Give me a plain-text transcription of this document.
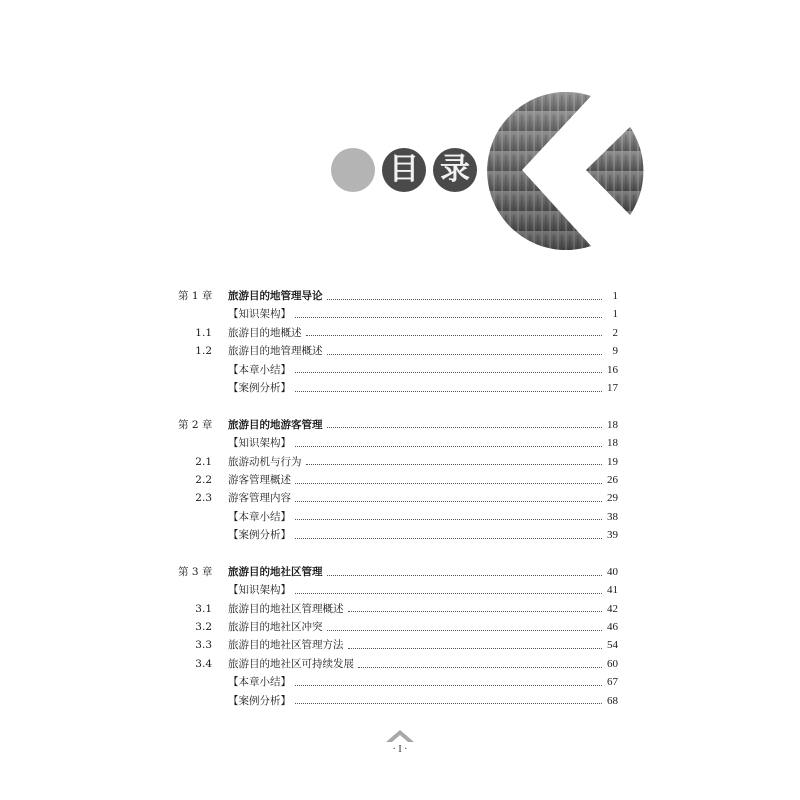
目 录
第 1 章	旅游目的地管理导论	1
【知识架构】	1
1.1	旅游目的地概述	2
1.2	旅游目的地管理概述	9
【本章小结】	16
【案例分析】	17
第 2 章	旅游目的地游客管理	18
【知识架构】	18
2.1	旅游动机与行为	19
2.2	游客管理概述	26
2.3	游客管理内容	29
【本章小结】	38
【案例分析】	39
第 3 章	旅游目的地社区管理	40
【知识架构】	41
3.1	旅游目的地社区管理概述	42
3.2	旅游目的地社区冲突	46
3.3	旅游目的地社区管理方法	54
3.4	旅游目的地社区可持续发展	60
【本章小结】	67
【案例分析】	68
· I ·
